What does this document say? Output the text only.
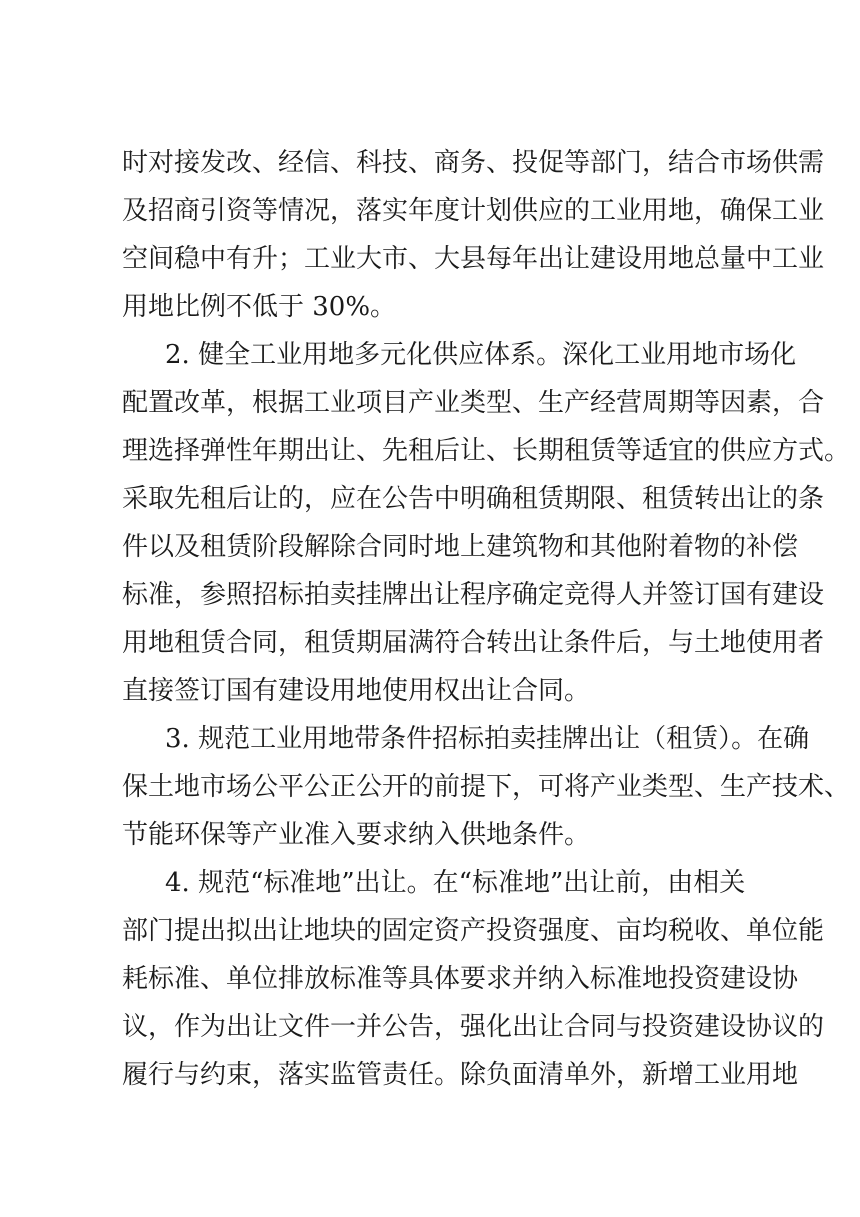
时对接发改、经信、科技、商务、投促等部门，结合市场供需
及招商引资等情况，落实年度计划供应的工业用地，确保工业
空间稳中有升；工业大市、大县每年出让建设用地总量中工业
用地比例不低于 30%。
2. 健全工业用地多元化供应体系。深化工业用地市场化
配置改革，根据工业项目产业类型、生产经营周期等因素，合
理选择弹性年期出让、先租后让、长期租赁等适宜的供应方式。
采取先租后让的，应在公告中明确租赁期限、租赁转出让的条
件以及租赁阶段解除合同时地上建筑物和其他附着物的补偿
标准，参照招标拍卖挂牌出让程序确定竞得人并签订国有建设
用地租赁合同，租赁期届满符合转出让条件后，与土地使用者
直接签订国有建设用地使用权出让合同。
3. 规范工业用地带条件招标拍卖挂牌出让（租赁）。在确
保土地市场公平公正公开的前提下，可将产业类型、生产技术、
节能环保等产业准入要求纳入供地条件。
4. 规范“标准地”出让。在“标准地”出让前，由相关
部门提出拟出让地块的固定资产投资强度、亩均税收、单位能
耗标准、单位排放标准等具体要求并纳入标准地投资建设协
议，作为出让文件一并公告，强化出让合同与投资建设协议的
履行与约束，落实监管责任。除负面清单外，新增工业用地
